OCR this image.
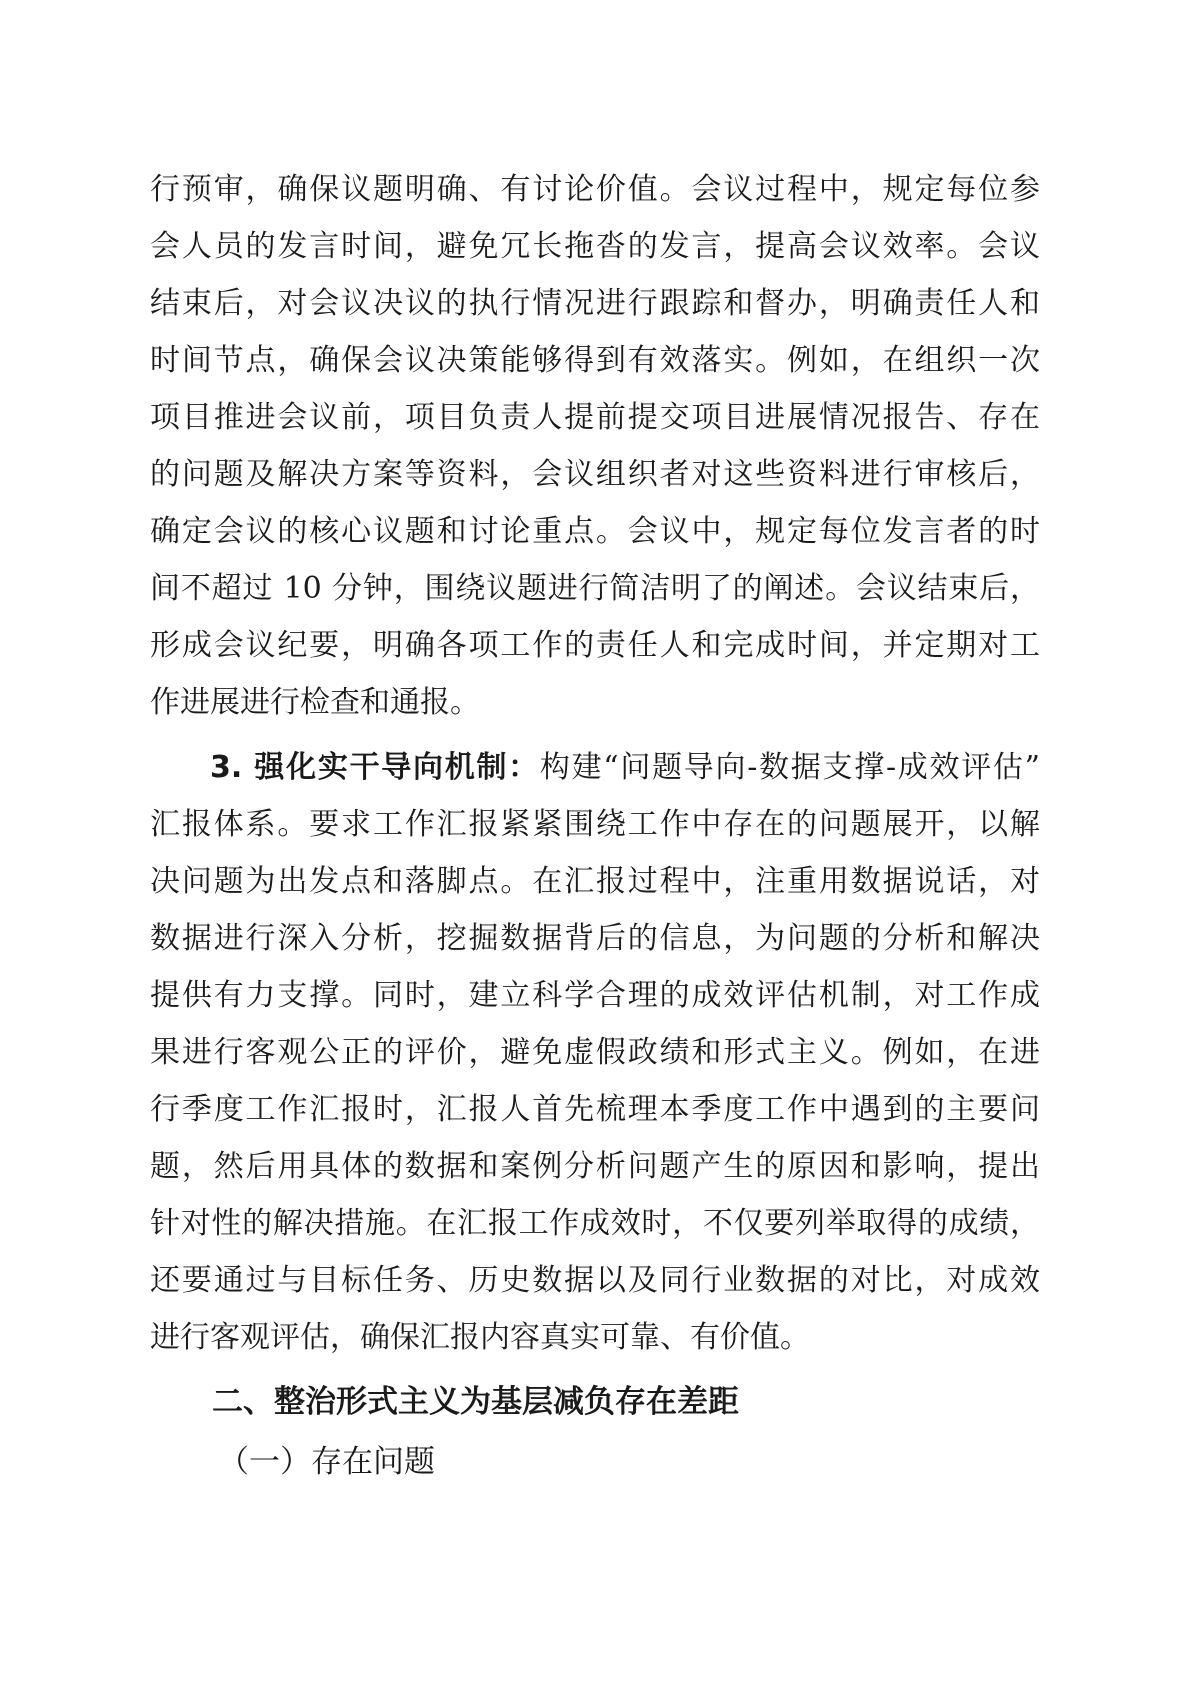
行预审，确保议题明确、有讨论价值。会议过程中，规定每位参
会人员的发言时间，避免冗长拖沓的发言，提高会议效率。会议
结束后，对会议决议的执行情况进行跟踪和督办，明确责任人和
时间节点，确保会议决策能够得到有效落实。例如，在组织一次
项目推进会议前，项目负责人提前提交项目进展情况报告、存在
的问题及解决方案等资料，会议组织者对这些资料进行审核后，
确定会议的核心议题和讨论重点。会议中，规定每位发言者的时
间不超过 10 分钟，围绕议题进行简洁明了的阐述。会议结束后，
形成会议纪要，明确各项工作的责任人和完成时间，并定期对工
作进展进行检查和通报。
3. 强化实干导向机制：构建“问题导向-数据支撑-成效评估”
汇报体系。要求工作汇报紧紧围绕工作中存在的问题展开，以解
决问题为出发点和落脚点。在汇报过程中，注重用数据说话，对
数据进行深入分析，挖掘数据背后的信息，为问题的分析和解决
提供有力支撑。同时，建立科学合理的成效评估机制，对工作成
果进行客观公正的评价，避免虚假政绩和形式主义。例如，在进
行季度工作汇报时，汇报人首先梳理本季度工作中遇到的主要问
题，然后用具体的数据和案例分析问题产生的原因和影响，提出
针对性的解决措施。在汇报工作成效时，不仅要列举取得的成绩，
还要通过与目标任务、历史数据以及同行业数据的对比，对成效
进行客观评估，确保汇报内容真实可靠、有价值。
二、整治形式主义为基层减负存在差距
（一）存在问题
